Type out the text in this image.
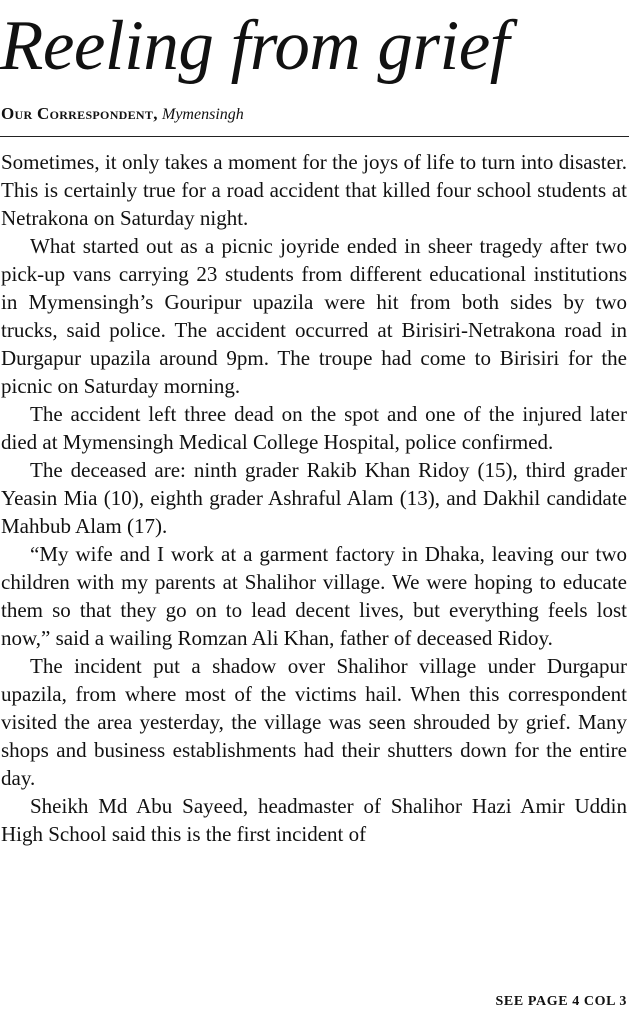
Reeling from grief
Our Correspondent, Mymensingh

Sometimes, it only takes a moment for the joys of life to turn into disaster. This is certainly true for a road accident that killed four school students at Netrakona on Saturday night.

What started out as a picnic joyride ended in sheer tragedy after two pick-up vans carrying 23 students from different educational institutions in Mymensingh’s Gouripur upazila were hit from both sides by two trucks, said police. The accident occurred at Birisiri-Netrakona road in Durgapur upazila around 9pm. The troupe had come to Birisiri for the picnic on Saturday morning.

The accident left three dead on the spot and one of the injured later died at Mymensingh Medical College Hospital, police confirmed.

The deceased are: ninth grader Rakib Khan Ridoy (15), third grader Yeasin Mia (10), eighth grader Ashraful Alam (13), and Dakhil candidate Mahbub Alam (17).

“My wife and I work at a garment factory in Dhaka, leaving our two children with my parents at Shalihor village. We were hoping to educate them so that they go on to lead decent lives, but everything feels lost now,” said a wailing Romzan Ali Khan, father of deceased Ridoy.

The incident put a shadow over Shalihor village under Durgapur upazila, from where most of the victims hail. When this correspondent visited the area yesterday, the village was seen shrouded by grief. Many shops and business establishments had their shutters down for the entire day.

Sheikh Md Abu Sayeed, headmaster of Shalihor Hazi Amir Uddin High School said this is the first incident of

SEE PAGE 4 COL 3
